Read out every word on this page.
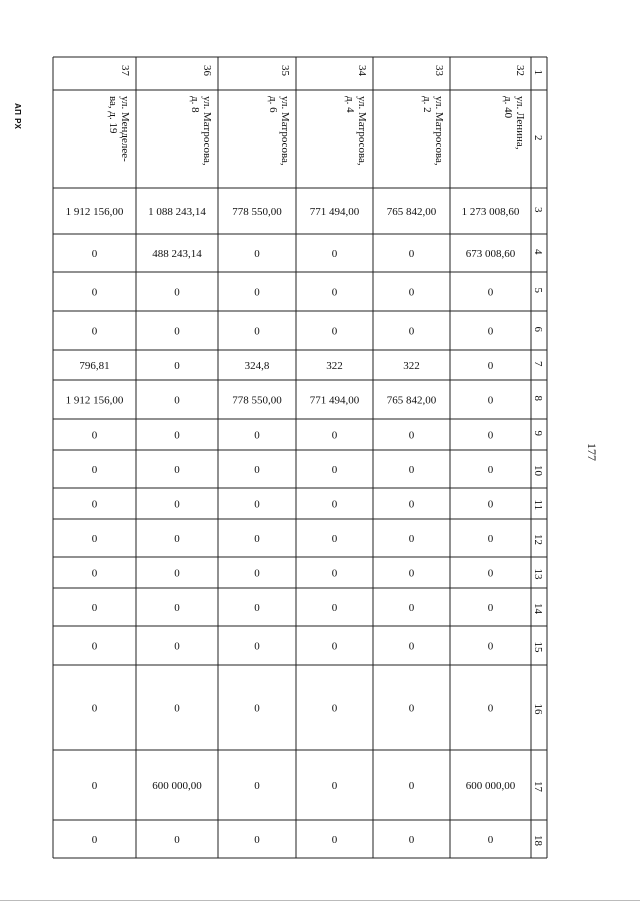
АП РХ
177
1
2
3
4
5
6
7
8
9
10
11
12
13
14
15
16
17
18
32
ул. Ленина,
д. 40
1 273 008,60
673 008,60
0
0
0
0
0
0
0
0
0
0
0
0
600 000,00
0
33
ул. Матросова,
д. 2
765 842,00
0
0
0
322
765 842,00
0
0
0
0
0
0
0
0
0
0
34
ул. Матросова,
д. 4
771 494,00
0
0
0
322
771 494,00
0
0
0
0
0
0
0
0
0
0
35
ул. Матросова,
д. 6
778 550,00
0
0
0
324,8
778 550,00
0
0
0
0
0
0
0
0
0
0
36
ул. Матросова,
д. 8
1 088 243,14
488 243,14
0
0
0
0
0
0
0
0
0
0
0
0
600 000,00
0
37
ул. Менделее-
ва, д. 19
1 912 156,00
0
0
0
796,81
1 912 156,00
0
0
0
0
0
0
0
0
0
0
